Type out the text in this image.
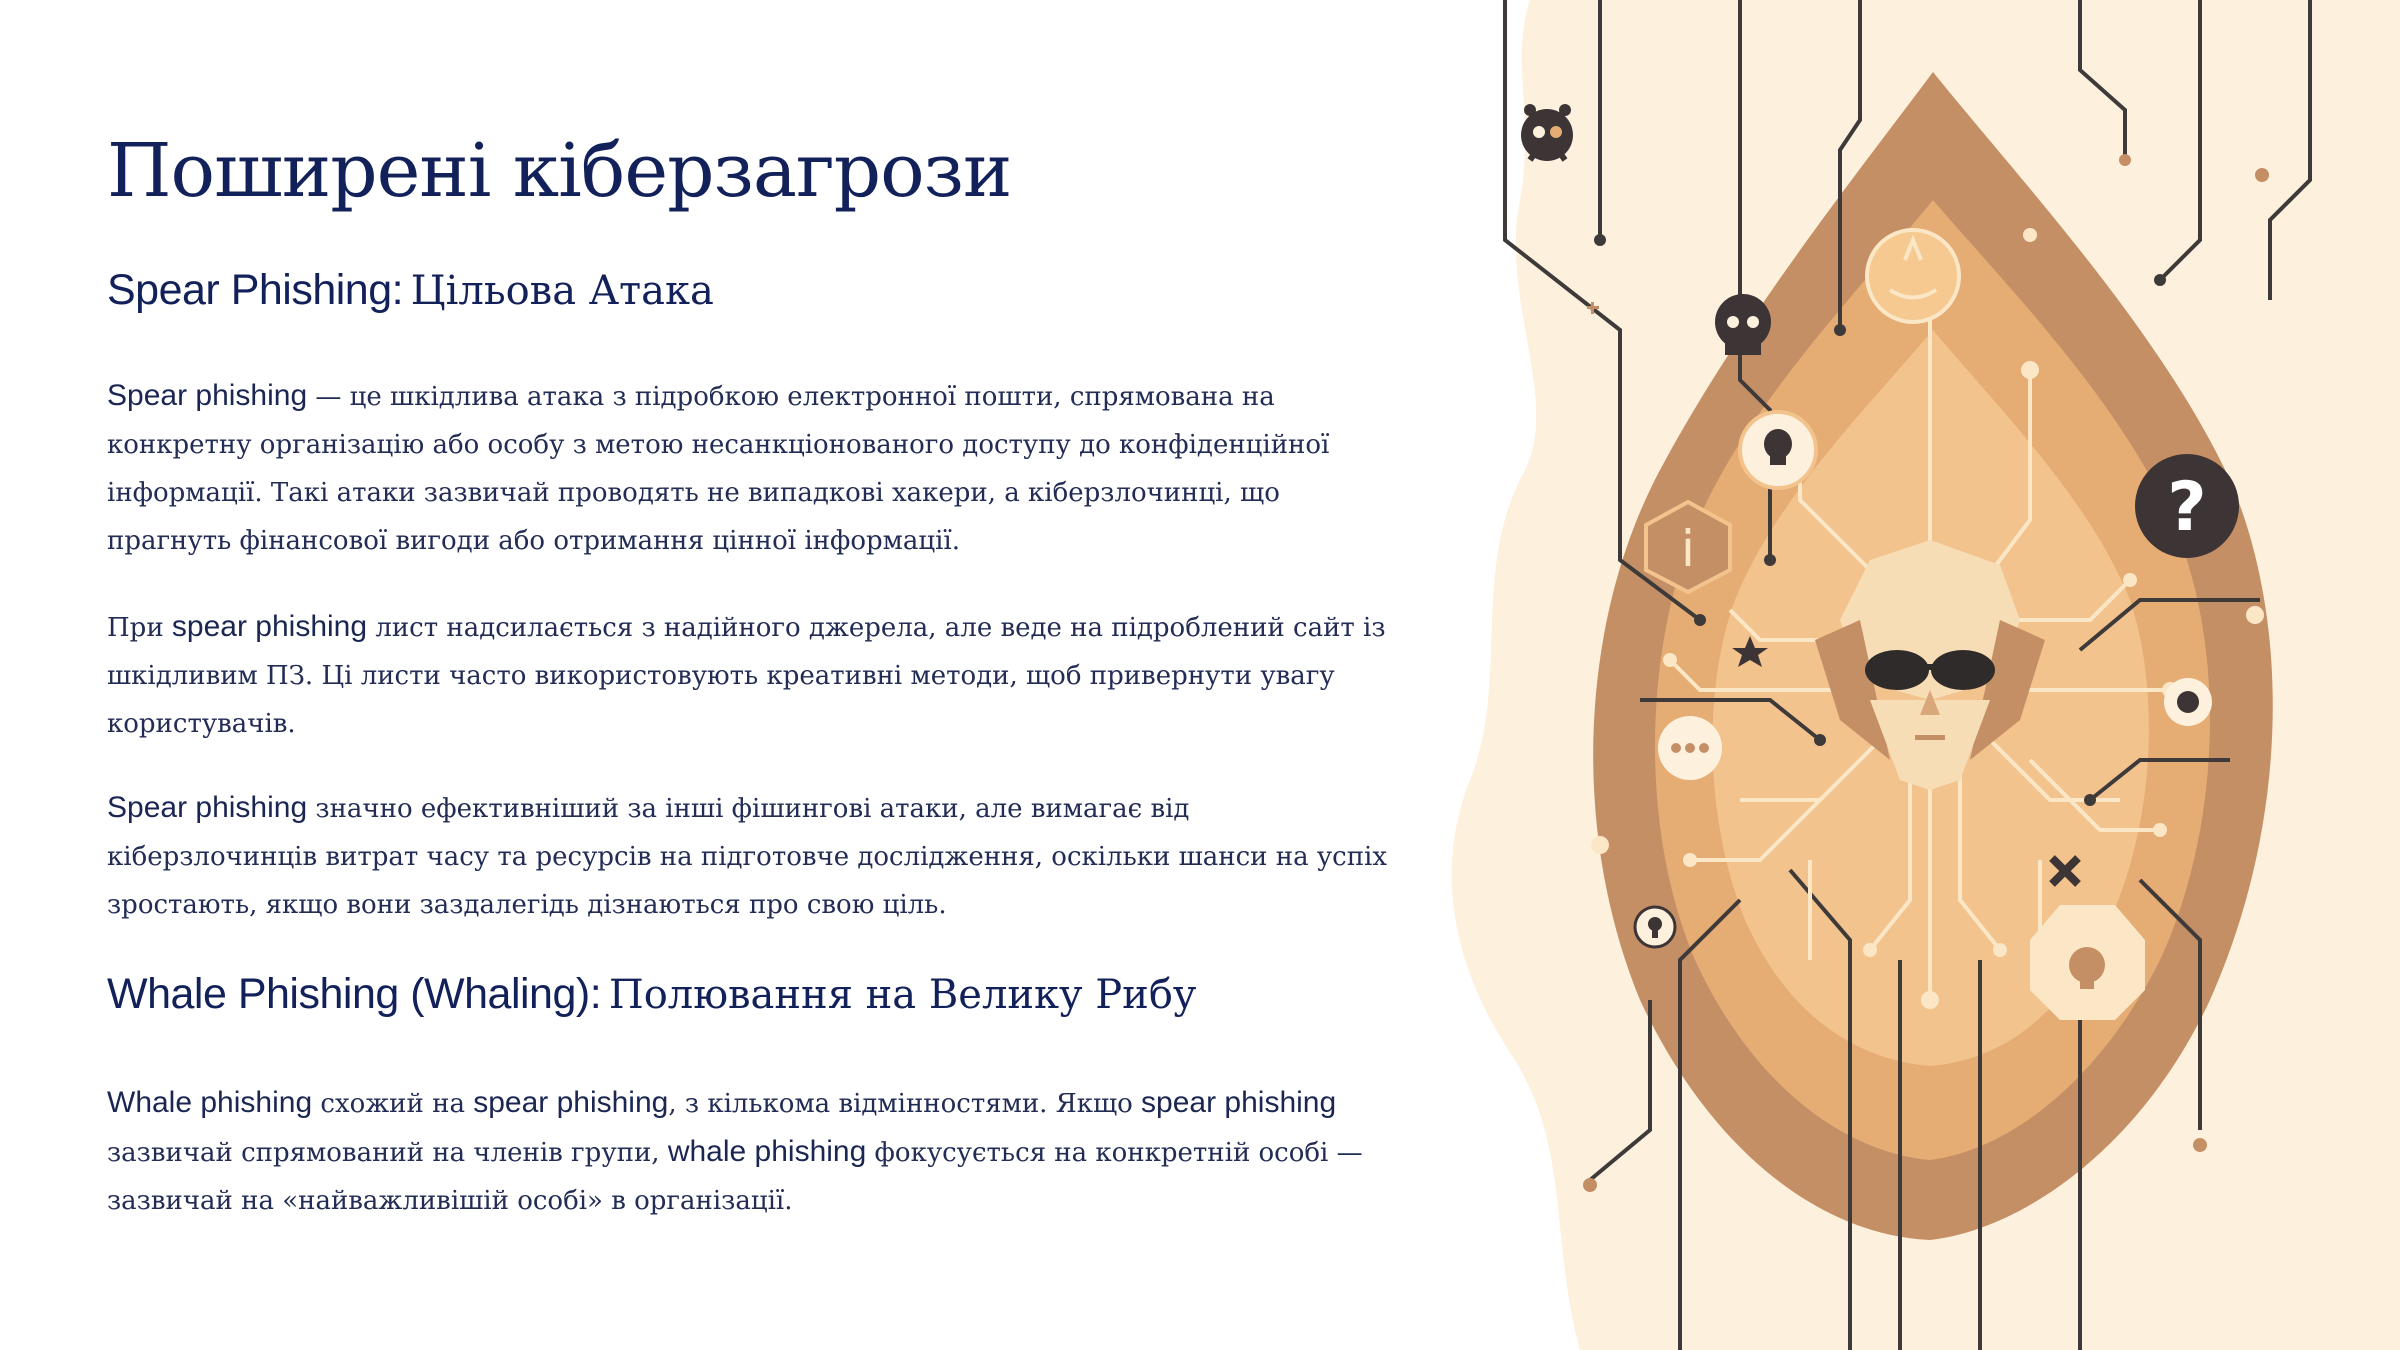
Поширені кіберзагрози
Spear Phishing: Цільова Атака

Spear phishing — це шкідлива атака з підробкою електронної пошти, спрямована на
конкретну організацію або особу з метою несанкціонованого доступу до конфіденційної
інформації. Такі атаки зазвичай проводять не випадкові хакери, а кіберзлочинці, що
прагнуть фінансової вигоди або отримання цінної інформації.

При spear phishing лист надсилається з надійного джерела, але веде на підроблений сайт із
шкідливим ПЗ. Ці листи часто використовують креативні методи, щоб привернути увагу
користувачів.

Spear phishing значно ефективніший за інші фішингові атаки, але вимагає від
кіберзлочинців витрат часу та ресурсів на підготовче дослідження, оскільки шанси на успіх
зростають, якщо вони заздалегідь дізнаються про свою ціль.

Whale Phishing (Whaling): Полювання на Велику Рибу

Whale phishing схожий на spear phishing, з кількома відмінностями. Якщо spear phishing
зазвичай спрямований на членів групи, whale phishing фокусується на конкретній особі —
зазвичай на «найважливішій особі» в організації.

?
i
